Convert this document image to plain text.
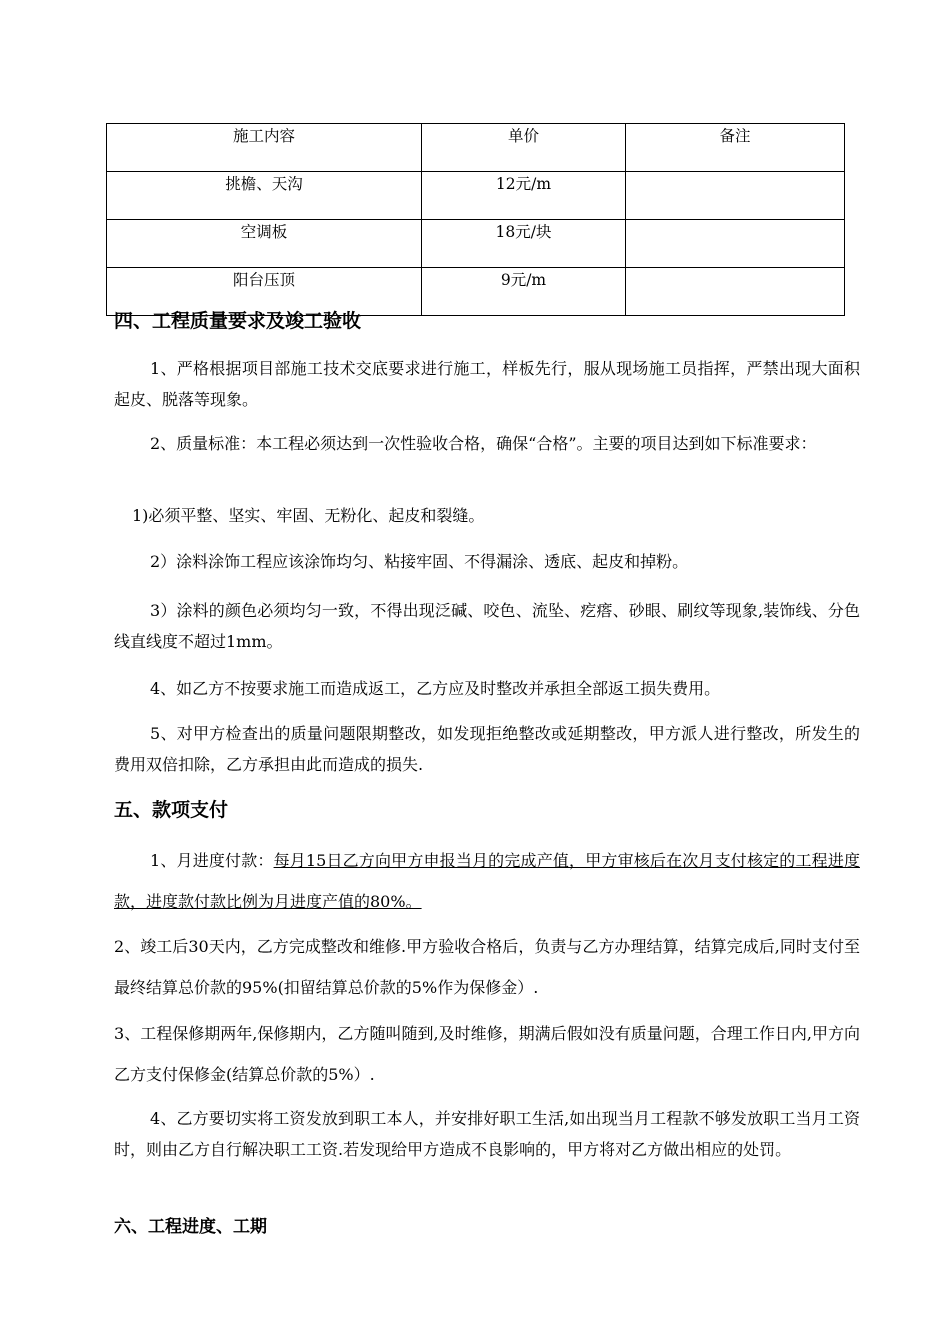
施工内容	单价	备注
挑檐、天沟	12元/m	
空调板	18元/块	
阳台压顶	9元/m	
四、工程质量要求及竣工验收
1、严格根据项目部施工技术交底要求进行施工，样板先行，服从现场施工员指挥，严禁出现大面积起皮、脱落等现象。
2、质量标准：本工程必须达到一次性验收合格，确保“合格”。主要的项目达到如下标准要求：
1)必须平整、坚实、牢固、无粉化、起皮和裂缝。
2）涂料涂饰工程应该涂饰均匀、粘接牢固、不得漏涂、透底、起皮和掉粉。
3）涂料的颜色必须均匀一致，不得出现泛碱、咬色、流坠、疙瘩、砂眼、刷纹等现象,装饰线、分色线直线度不超过1mm。
4、如乙方不按要求施工而造成返工，乙方应及时整改并承担全部返工损失费用。
5、对甲方检查出的质量问题限期整改，如发现拒绝整改或延期整改，甲方派人进行整改，所发生的费用双倍扣除，乙方承担由此而造成的损失.
五、款项支付
1、月进度付款：每月15日乙方向甲方申报当月的完成产值，甲方审核后在次月支付核定的工程进度款，进度款付款比例为月进度产值的80%。
2、竣工后30天内，乙方完成整改和维修.甲方验收合格后，负责与乙方办理结算，结算完成后,同时支付至最终结算总价款的95%(扣留结算总价款的5%作为保修金）.
3、工程保修期两年,保修期内，乙方随叫随到,及时维修，期满后假如没有质量问题，合理工作日内,甲方向乙方支付保修金(结算总价款的5%）.
4、乙方要切实将工资发放到职工本人，并安排好职工生活,如出现当月工程款不够发放职工当月工资时，则由乙方自行解决职工工资.若发现给甲方造成不良影响的，甲方将对乙方做出相应的处罚。
六、工程进度、工期
